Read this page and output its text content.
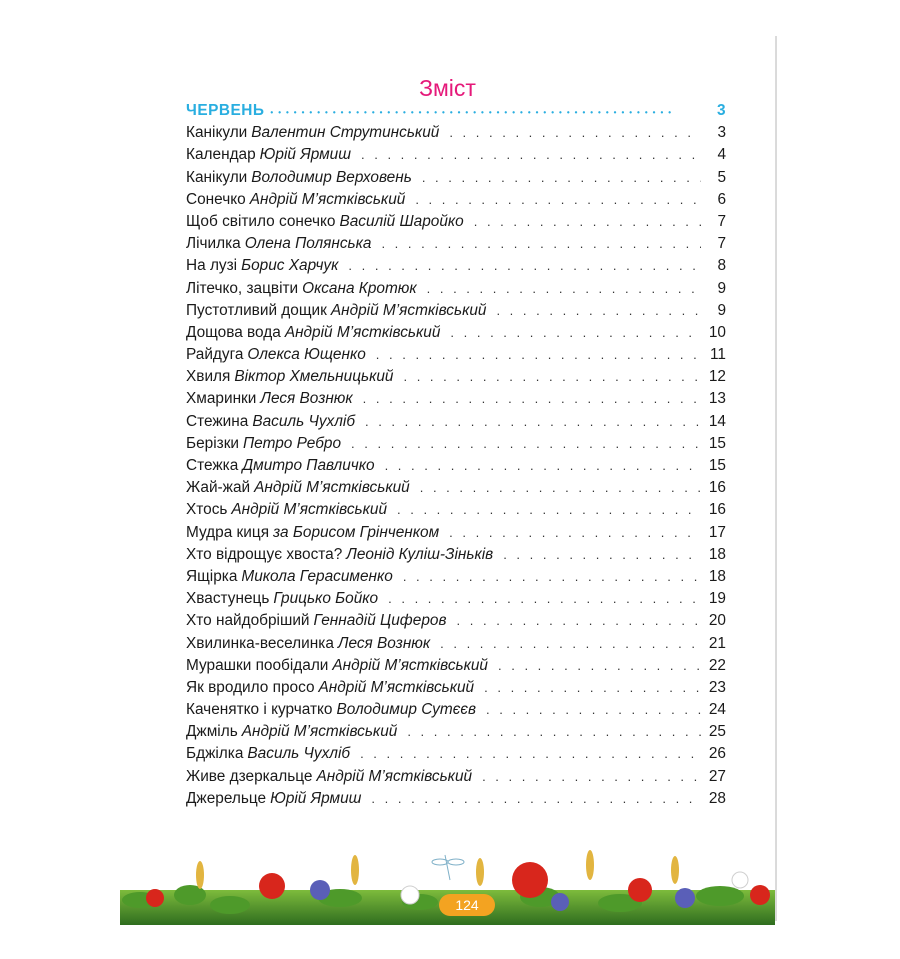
Зміст
ЧЕРВЕНЬ •••••	3
Канікули Валентин Струтинський . . .	3
Календар Юрій Ярмиш . . .	4
Канікули Володимир Верховень . . .	5
Сонечко Андрій М’ястківський . . .	6
Щоб світило сонечко Василій Шаройко . . .	7
Лічилка Олена Полянська . . .	7
На лузі Борис Харчук . . .	8
Літечко, зацвіти Оксана Кротюк . . .	9
Пустотливий дощик Андрій М’ястківський . . .	9
Дощова вода Андрій М’ястківський . . .	10
Райдуга Олекса Ющенко . . .	11
Хвиля Віктор Хмельницький . . .	12
Хмаринки Леся Вознюк . . .	13
Стежина Василь Чухліб . . .	14
Берізки Петро Ребро . . .	15
Стежка Дмитро Павличко . . .	15
Жай-жай Андрій М’ястківський . . .	16
Хтось Андрій М’ястківський . . .	16
Мудра киця за Борисом Грінченком . . .	17
Хто відрощує хвоста? Леонід Куліш-Зіньків . . .	18
Ящірка Микола Герасименко . . .	18
Хвастунець Грицько Бойко . . .	19
Хто найдобріший Геннадій Циферов . . .	20
Хвилинка-веселинка Леся Вознюк . . .	21
Мурашки пообідали Андрій М’ястківський . . .	22
Як вродило просо Андрій М’ястківський . . .	23
Каченятко і курчатко Володимир Сутєєв . . .	24
Джміль Андрій М’ястківський . . .	25
Бджілка Василь Чухліб . . .	26
Живе дзеркальце Андрій М’ястківський . . .	27
Джерельце Юрій Ярмиш . . .	28
124
